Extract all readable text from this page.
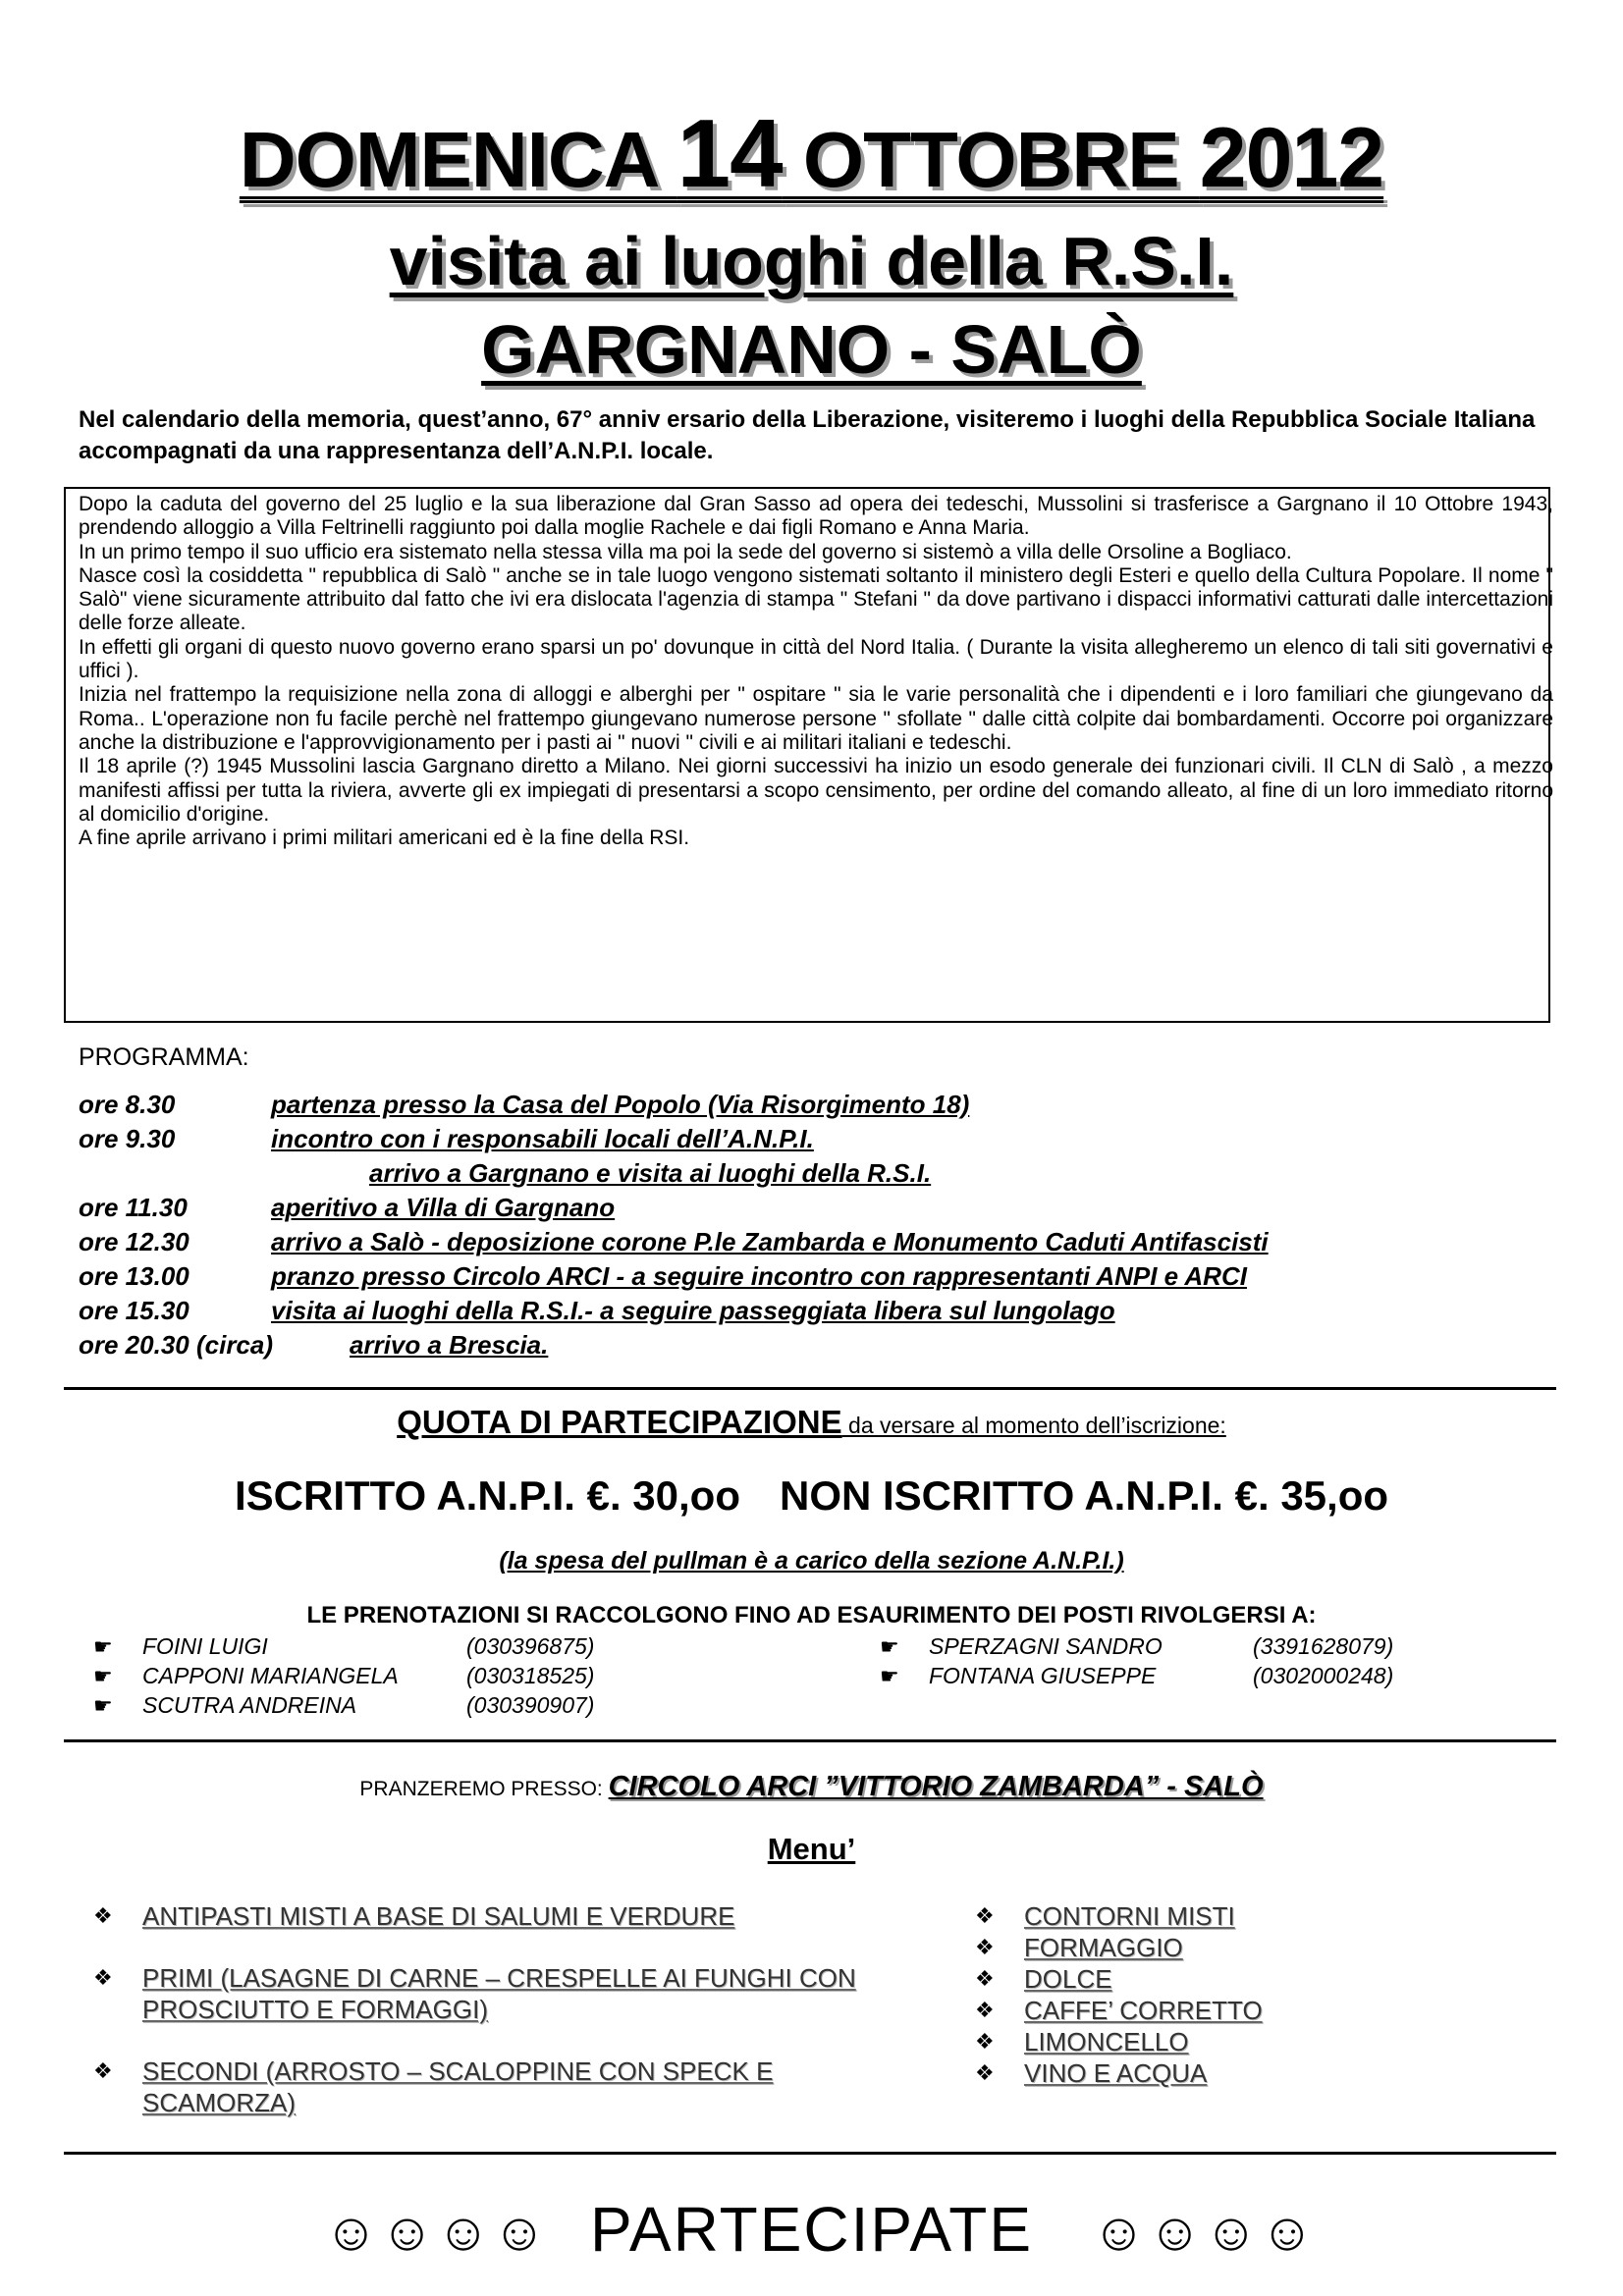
DOMENICA 14 OTTOBRE 2012
visita ai luoghi della R.S.I.
GARGNANO - SALÒ
Nel calendario della memoria, quest’anno, 67° anniv ersario della Liberazione, visiteremo i luoghi della Repubblica Sociale Italiana accompagnati da una rappresentanza dell’A.N.P.I. locale.

Dopo la caduta del governo del 25 luglio e la sua liberazione dal Gran Sasso ad opera dei tedeschi, Mussolini si trasferisce a Gargnano il 10 Ottobre 1943, prendendo alloggio a Villa Feltrinelli raggiunto poi dalla moglie Rachele e dai figli Romano e Anna Maria.

In un primo tempo il suo ufficio era sistemato nella stessa villa ma poi la sede del governo si sistemò a villa delle Orsoline a Bogliaco.

Nasce così la cosiddetta " repubblica di Salò " anche se in tale luogo vengono sistemati soltanto il ministero degli Esteri e quello della Cultura Popolare. Il nome " Salò" viene sicuramente attribuito dal fatto che ivi era dislocata l'agenzia di stampa " Stefani " da dove partivano i dispacci informativi catturati dalle intercettazioni delle forze alleate.

In effetti gli organi di questo nuovo governo erano sparsi un po' dovunque in città del Nord Italia. ( Durante la visita allegheremo un elenco di tali siti governativi e uffici ).

Inizia nel frattempo la requisizione nella zona di alloggi e alberghi per " ospitare " sia le varie personalità che i dipendenti e i loro familiari che giungevano da Roma.. L'operazione non fu facile perchè nel frattempo giungevano numerose persone " sfollate " dalle città colpite dai bombardamenti. Occorre poi organizzare anche la distribuzione e l'approvvigionamento per i pasti ai " nuovi " civili e ai militari italiani e tedeschi.

Il 18 aprile (?) 1945 Mussolini lascia Gargnano diretto a Milano. Nei giorni successivi ha inizio un esodo generale dei funzionari civili. Il CLN di Salò , a mezzo manifesti affissi per tutta la riviera, avverte gli ex impiegati di presentarsi a scopo censimento, per ordine del comando alleato, al fine di un loro immediato ritorno al domicilio d'origine.

A fine aprile arrivano i primi militari americani ed è la fine della RSI.

PROGRAMMA:
ore 8.30	partenza presso la Casa del Popolo (Via Risorgimento 18)
ore 9.30	incontro con i responsabili locali dell’A.N.P.I.
arrivo a Gargnano e visita ai luoghi della R.S.I.
ore 11.30	aperitivo a Villa di Gargnano
ore 12.30	arrivo a Salò - deposizione corone P.le Zambarda e Monumento Caduti Antifascisti
ore 13.00	pranzo presso Circolo ARCI - a seguire incontro con rappresentanti ANPI e ARCI
ore 15.30	visita ai luoghi della R.S.I.- a seguire passeggiata libera sul lungolago
ore 20.30 (circa)	arrivo a Brescia.
QUOTA DI PARTECIPAZIONE da versare al momento dell’iscrizione:
ISCRITTO A.N.P.I. €. 30,oo NON ISCRITTO A.N.P.I. €. 35,oo
(la spesa del pullman è a carico della sezione A.N.P.I.)
LE PRENOTAZIONI SI RACCOLGONO FINO AD ESAURIMENTO DEI POSTI RIVOLGERSI A:
☛ FOINI LUIGI	(030396875)
☛ CAPPONI MARIANGELA	(030318525)
☛ SCUTRA ANDREINA	(030390907)
☛ SPERZAGNI SANDRO	(3391628079)
☛ FONTANA GIUSEPPE	(0302000248)
PRANZEREMO PRESSO: CIRCOLO ARCI ”VITTORIO ZAMBARDA” - SALÒ
Menu’
❖	ANTIPASTI MISTI A BASE DI SALUMI E VERDURE
❖	PRIMI (LASAGNE DI CARNE – CRESPELLE AI FUNGHI CON PROSCIUTTO E FORMAGGI)
❖	SECONDI (ARROSTO – SCALOPPINE CON SPECK E SCAMORZA)
❖	CONTORNI MISTI
❖	FORMAGGIO
❖	DOLCE
❖	CAFFE’ CORRETTO
❖	LIMONCELLO
❖	VINO E ACQUA
☺☺☺☺ PARTECIPATE	☺☺☺☺
